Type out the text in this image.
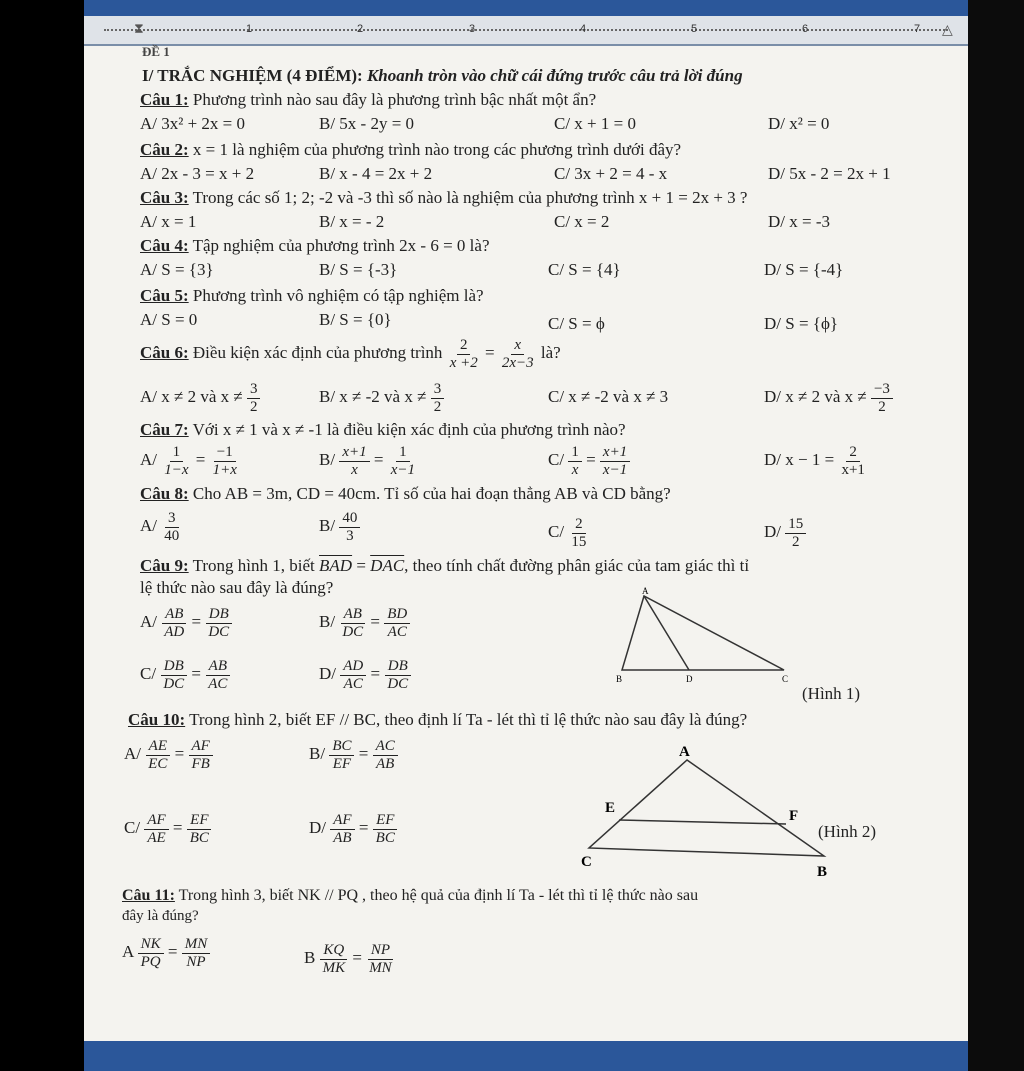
⧗	1	2	3	4	5	6	7 △
ĐỀ 1
I/ TRẮC NGHIỆM (4 ĐIỂM): Khoanh tròn vào chữ cái đứng trước câu trả lời đúng
Câu 1: Phương trình nào sau đây là phương trình bậc nhất một ẩn?
A/ 3x² + 2x = 0	B/ 5x - 2y = 0	C/ x + 1 = 0	D/ x² = 0
Câu 2: x = 1 là nghiệm của phương trình nào trong các phương trình dưới đây?
A/ 2x - 3 = x + 2	B/ x - 4 = 2x + 2	C/ 3x + 2 = 4 - x	D/ 5x - 2 = 2x + 1
Câu 3: Trong các số 1; 2; -2 và -3 thì số nào là nghiệm của phương trình x + 1 = 2x + 3 ?
A/ x = 1	B/ x = - 2	C/ x = 2	D/ x = -3
Câu 4: Tập nghiệm của phương trình 2x - 6 = 0 là?
A/ S = {3}	B/ S = {-3}	C/ S = {4}	D/ S = {-4}
Câu 5: Phương trình vô nghiệm có tập nghiệm là?
A/ S = 0	B/ S = {0}	C/ S = ϕ	D/ S = {ϕ}
Câu 6: Điều kiện xác định của phương trình $\frac{2}{x +2} = \frac{x}{2x-3}$ là?
A/ x ≠ 2 và $x \ne \frac{3}{2}$	B/ x ≠ -2 và $x \ne \frac{3}{2}$	C/ x ≠ -2 và x ≠ 3	D/ x ≠ 2 và $x \ne \frac{-3}{2}$
Câu 7: Với x ≠ 1 và x ≠ -1 là điều kiện xác định của phương trình nào?
$A/ \frac{1}{1-x} = \frac{-1}{1+x}$	$B/ \frac{x+1}{x} = \frac{1}{x-1}$	$C/ \frac{1}{x} = \frac{x+1}{x-1}$	D/ $x - 1 = \frac{2}{x+1}$
Câu 8: Cho AB = 3m, CD = 40cm. Tỉ số của hai đoạn thẳng AB và CD bằng?
$A/ \frac{3}{40}$	$B/ \frac{40}{3}$	$C/ \frac{2}{15}$	$D/ \frac{15}{2}$
Câu 9: Trong hình 1, biết $\overline{BAD} = \overline{DAC}$, theo tính chất đường phân giác của tam giác thì tỉ
lệ thức nào sau đây là đúng?
$A/ \frac{AB}{AD} = \frac{DB}{DC}$	$B/ \frac{AB}{DC} = \frac{BD}{AC}$
$C/ \frac{DB}{DC} = \frac{AB}{AC}$	$D/ \frac{AD}{AC} = \frac{DB}{DC}$
A
B	D	C
(Hình 1)
Câu 10: Trong hình 2, biết EF // BC, theo định lí Ta - lét thì tỉ lệ thức nào sau đây là đúng?
$A/ \frac{AE}{EC} = \frac{AF}{FB}$	$B/ \frac{BC}{EF} = \frac{AC}{AB}$
$C/ \frac{AF}{AE} = \frac{EF}{BC}$	$D/ \frac{AF}{AB} = \frac{EF}{BC}$
A
E	F
C
B
(Hình 2)
Câu 11: Trong hình 3, biết NK // PQ , theo hệ quả của định lí Ta - lét thì tỉ lệ thức nào sau
đây là đúng?
A $\frac{NK}{PQ} = \frac{MN}{NP}$	B $\frac{KQ}{MK} = \frac{NP}{MN}$
